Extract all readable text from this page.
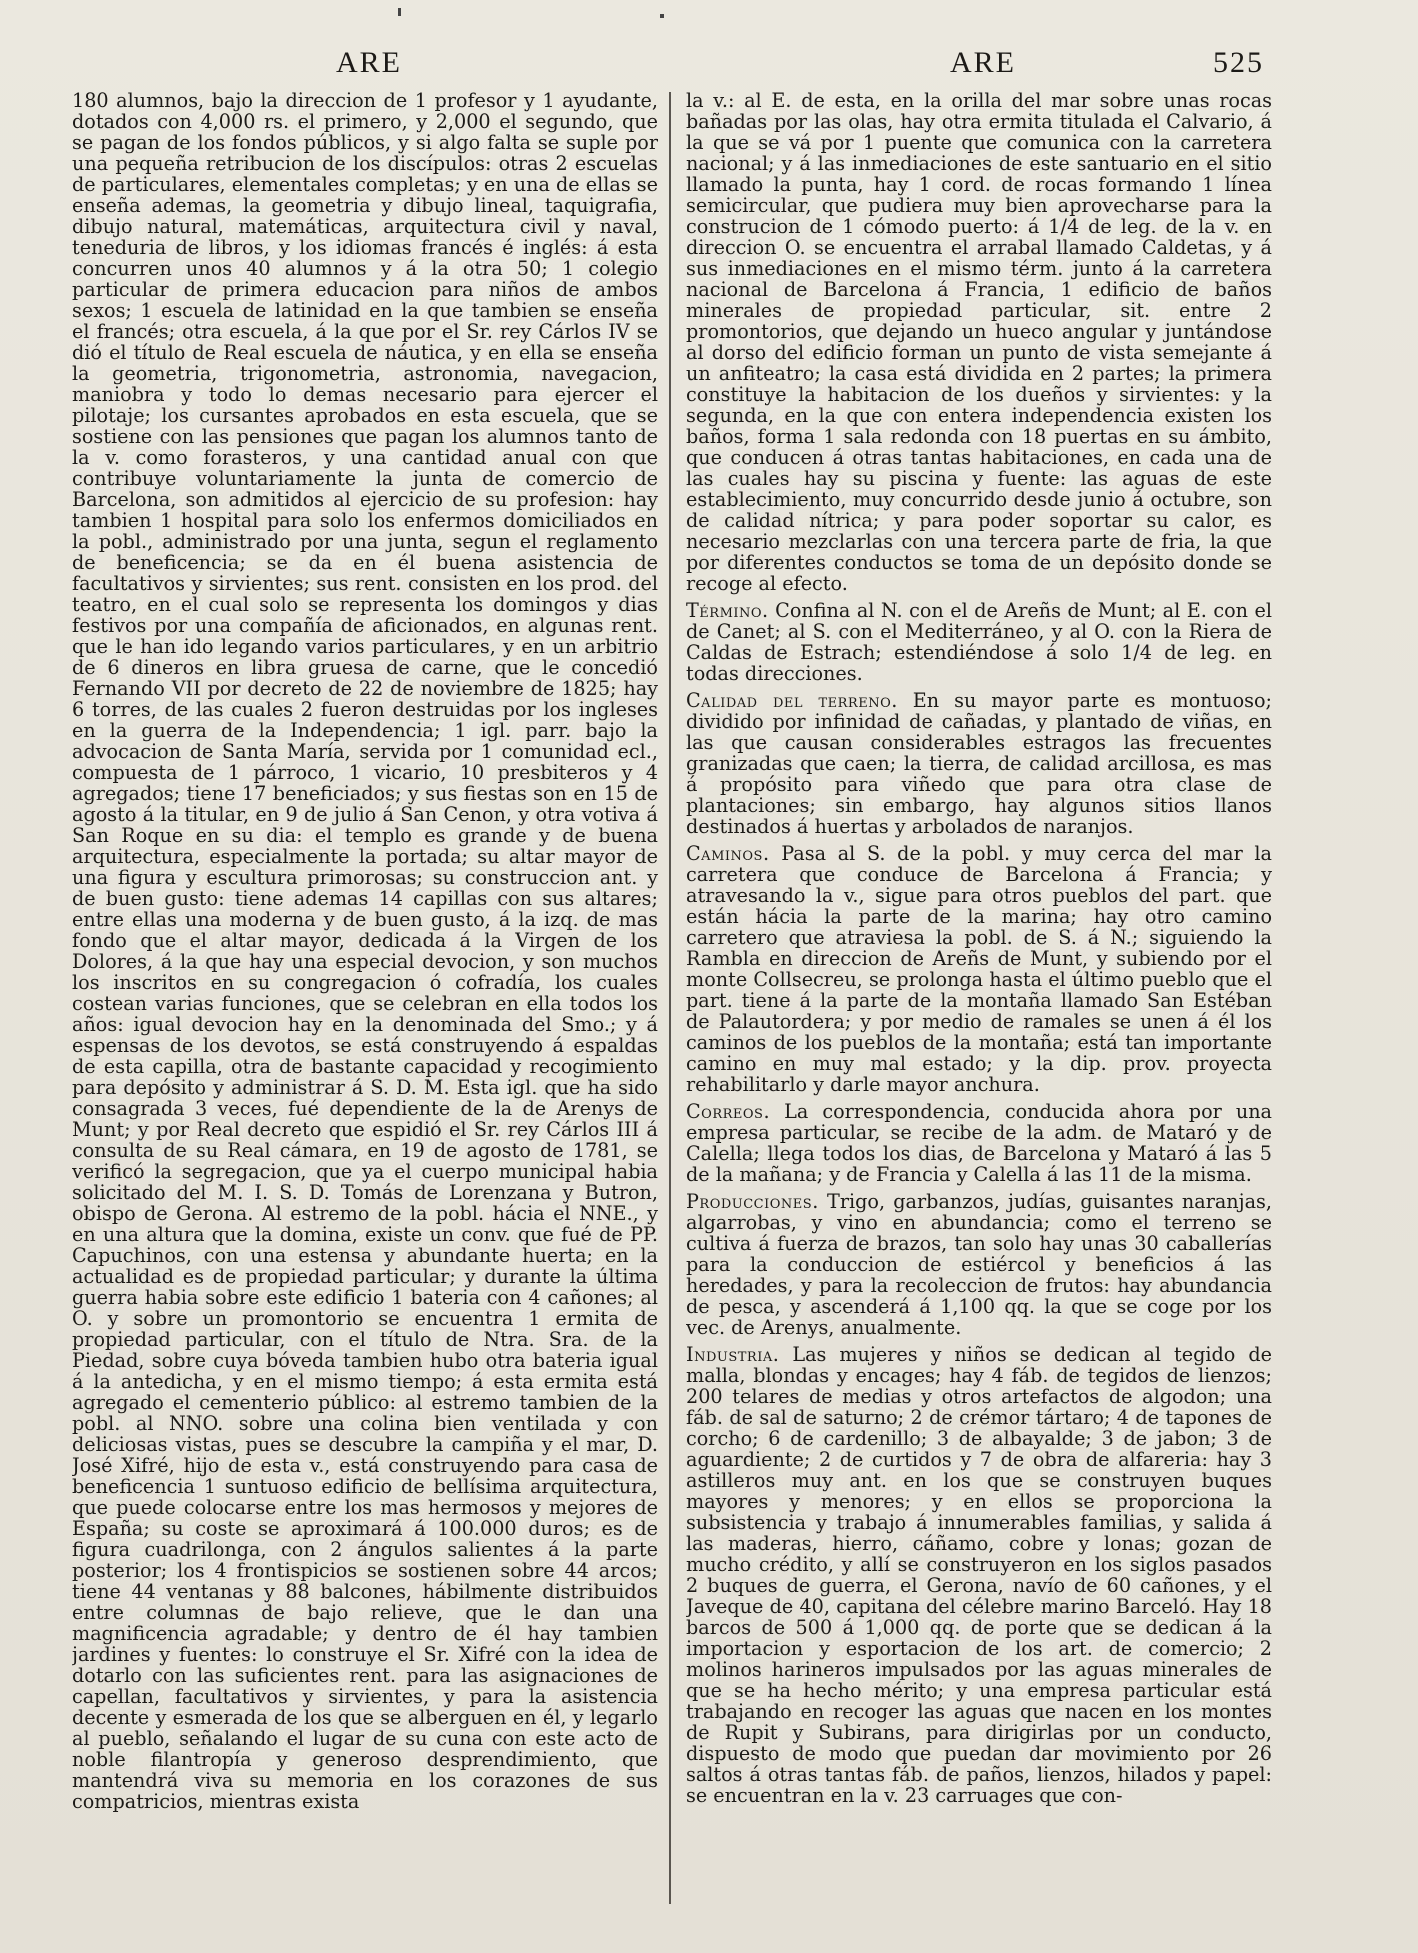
ARE	ARE	525

180 alumnos, bajo la direccion de 1 profesor y 1 ayudante, dotados con 4,000 rs. el primero, y 2,000 el segundo, que se pagan de los fondos públicos, y si algo falta se suple por una pequeña retribucion de los discípulos: otras 2 escuelas de particulares, elementales completas; y en una de ellas se enseña ademas, la geometria y dibujo lineal, taquigrafia, dibujo natural, matemáticas, arquitectura civil y naval, teneduria de libros, y los idiomas francés é inglés: á esta concurren unos 40 alumnos y á la otra 50; 1 colegio particular de primera educacion para niños de ambos sexos; 1 escuela de latinidad en la que tambien se enseña el francés; otra escuela, á la que por el Sr. rey Cárlos IV se dió el título de Real escuela de náutica, y en ella se enseña la geometria, trigonometria, astronomia, navegacion, maniobra y todo lo demas necesario para ejercer el pilotaje; los cursantes aprobados en esta escuela, que se sostiene con las pensiones que pagan los alumnos tanto de la v. como forasteros, y una cantidad anual con que contribuye voluntariamente la junta de comercio de Barcelona, son admitidos al ejercicio de su profesion: hay tambien 1 hospital para solo los enfermos domiciliados en la pobl., administrado por una junta, segun el reglamento de beneficencia; se da en él buena asistencia de facultativos y sirvientes; sus rent. consisten en los prod. del teatro, en el cual solo se representa los domingos y dias festivos por una compañía de aficionados, en algunas rent. que le han ido legando varios particulares, y en un arbitrio de 6 dineros en libra gruesa de carne, que le concedió Fernando VII por decreto de 22 de noviembre de 1825; hay 6 torres, de las cuales 2 fueron destruidas por los ingleses en la guerra de la Independencia; 1 igl. parr. bajo la advocacion de Santa María, servida por 1 comunidad ecl., compuesta de 1 párroco, 1 vicario, 10 presbiteros y 4 agregados; tiene 17 beneficiados; y sus fiestas son en 15 de agosto á la titular, en 9 de julio á San Cenon, y otra votiva á San Roque en su dia: el templo es grande y de buena arquitectura, especialmente la portada; su altar mayor de una figura y escultura primorosas; su construccion ant. y de buen gusto: tiene ademas 14 capillas con sus altares; entre ellas una moderna y de buen gusto, á la izq. de mas fondo que el altar mayor, dedicada á la Virgen de los Dolores, á la que hay una especial devocion, y son muchos los inscritos en su congregacion ó cofradía, los cuales costean varias funciones, que se celebran en ella todos los años: igual devocion hay en la denominada del Smo.; y á espensas de los devotos, se está construyendo á espaldas de esta capilla, otra de bastante capacidad y recogimiento para depósito y administrar á S. D. M. Esta igl. que ha sido consagrada 3 veces, fué dependiente de la de Arenys de Munt; y por Real decreto que espidió el Sr. rey Cárlos III á consulta de su Real cámara, en 19 de agosto de 1781, se verificó la segregacion, que ya el cuerpo municipal habia solicitado del M. I. S. D. Tomás de Lorenzana y Butron, obispo de Gerona. Al estremo de la pobl. hácia el NNE., y en una altura que la domina, existe un conv. que fué de PP. Capuchinos, con una estensa y abundante huerta; en la actualidad es de propiedad particular; y durante la última guerra habia sobre este edificio 1 bateria con 4 cañones; al O. y sobre un promontorio se encuentra 1 ermita de propiedad particular, con el título de Ntra. Sra. de la Piedad, sobre cuya bóveda tambien hubo otra bateria igual á la antedicha, y en el mismo tiempo; á esta ermita está agregado el cementerio público: al estremo tambien de la pobl. al NNO. sobre una colina bien ventilada y con deliciosas vistas, pues se descubre la campiña y el mar, D. José Xifré, hijo de esta v., está construyendo para casa de beneficencia 1 suntuoso edificio de bellísima arquitectura, que puede colocarse entre los mas hermosos y mejores de España; su coste se aproximará á 100.000 duros; es de figura cuadrilonga, con 2 ángulos salientes á la parte posterior; los 4 frontispicios se sostienen sobre 44 arcos; tiene 44 ventanas y 88 balcones, hábilmente distribuidos entre columnas de bajo relieve, que le dan una magnificencia agradable; y dentro de él hay tambien jardines y fuentes: lo construye el Sr. Xifré con la idea de dotarlo con las suficientes rent. para las asignaciones de capellan, facultativos y sirvientes, y para la asistencia decente y esmerada de los que se alberguen en él, y legarlo al pueblo, señalando el lugar de su cuna con este acto de noble filantropía y generoso desprendimiento, que mantendrá viva su memoria en los corazones de sus compatricios, mientras exista

la v.: al E. de esta, en la orilla del mar sobre unas rocas bañadas por las olas, hay otra ermita titulada el Calvario, á la que se vá por 1 puente que comunica con la carretera nacional; y á las inmediaciones de este santuario en el sitio llamado la punta, hay 1 cord. de rocas formando 1 línea semicircular, que pudiera muy bien aprovecharse para la construcion de 1 cómodo puerto: á 1/4 de leg. de la v. en direccion O. se encuentra el arrabal llamado Caldetas, y á sus inmediaciones en el mismo térm. junto á la carretera nacional de Barcelona á Francia, 1 edificio de baños minerales de propiedad particular, sit. entre 2 promontorios, que dejando un hueco angular y juntándose al dorso del edificio forman un punto de vista semejante á un anfiteatro; la casa está dividida en 2 partes; la primera constituye la habitacion de los dueños y sirvientes: y la segunda, en la que con entera independencia existen los baños, forma 1 sala redonda con 18 puertas en su ámbito, que conducen á otras tantas habitaciones, en cada una de las cuales hay su piscina y fuente: las aguas de este establecimiento, muy concurrido desde junio á octubre, son de calidad nítrica; y para poder soportar su calor, es necesario mezclarlas con una tercera parte de fria, la que por diferentes conductos se toma de un depósito donde se recoge al efecto.

Término. Confina al N. con el de Areñs de Munt; al E. con el de Canet; al S. con el Mediterráneo, y al O. con la Riera de Caldas de Estrach; estendiéndose á solo 1/4 de leg. en todas direcciones.

Calidad del terreno. En su mayor parte es montuoso; dividido por infinidad de cañadas, y plantado de viñas, en las que causan considerables estragos las frecuentes granizadas que caen; la tierra, de calidad arcillosa, es mas á propósito para viñedo que para otra clase de plantaciones; sin embargo, hay algunos sitios llanos destinados á huertas y arbolados de naranjos.

Caminos. Pasa al S. de la pobl. y muy cerca del mar la carretera que conduce de Barcelona á Francia; y atravesando la v., sigue para otros pueblos del part. que están hácia la parte de la marina; hay otro camino carretero que atraviesa la pobl. de S. á N.; siguiendo la Rambla en direccion de Areñs de Munt, y subiendo por el monte Collsecreu, se prolonga hasta el último pueblo que el part. tiene á la parte de la montaña llamado San Estéban de Palautordera; y por medio de ramales se unen á él los caminos de los pueblos de la montaña; está tan importante camino en muy mal estado; y la dip. prov. proyecta rehabilitarlo y darle mayor anchura.

Correos. La correspondencia, conducida ahora por una empresa particular, se recibe de la adm. de Mataró y de Calella; llega todos los dias, de Barcelona y Mataró á las 5 de la mañana; y de Francia y Calella á las 11 de la misma.

Producciones. Trigo, garbanzos, judías, guisantes naranjas, algarrobas, y vino en abundancia; como el terreno se cultiva á fuerza de brazos, tan solo hay unas 30 caballerías para la conduccion de estiércol y beneficios á las heredades, y para la recoleccion de frutos: hay abundancia de pesca, y ascenderá á 1,100 qq. la que se coge por los vec. de Arenys, anualmente.

Industria. Las mujeres y niños se dedican al tegido de malla, blondas y encages; hay 4 fáb. de tegidos de lienzos; 200 telares de medias y otros artefactos de algodon; una fáb. de sal de saturno; 2 de crémor tártaro; 4 de tapones de corcho; 6 de cardenillo; 3 de albayalde; 3 de jabon; 3 de aguardiente; 2 de curtidos y 7 de obra de alfareria: hay 3 astilleros muy ant. en los que se construyen buques mayores y menores; y en ellos se proporciona la subsistencia y trabajo á innumerables familias, y salida á las maderas, hierro, cáñamo, cobre y lonas; gozan de mucho crédito, y allí se construyeron en los siglos pasados 2 buques de guerra, el Gerona, navío de 60 cañones, y el Javeque de 40, capitana del célebre marino Barceló. Hay 18 barcos de 500 á 1,000 qq. de porte que se dedican á la importacion y esportacion de los art. de comercio; 2 molinos harineros impulsados por las aguas minerales de que se ha hecho mérito; y una empresa particular está trabajando en recoger las aguas que nacen en los montes de Rupit y Subirans, para dirigirlas por un conducto, dispuesto de modo que puedan dar movimiento por 26 saltos á otras tantas fáb. de paños, lienzos, hilados y papel: se encuentran en la v. 23 carruages que con-
